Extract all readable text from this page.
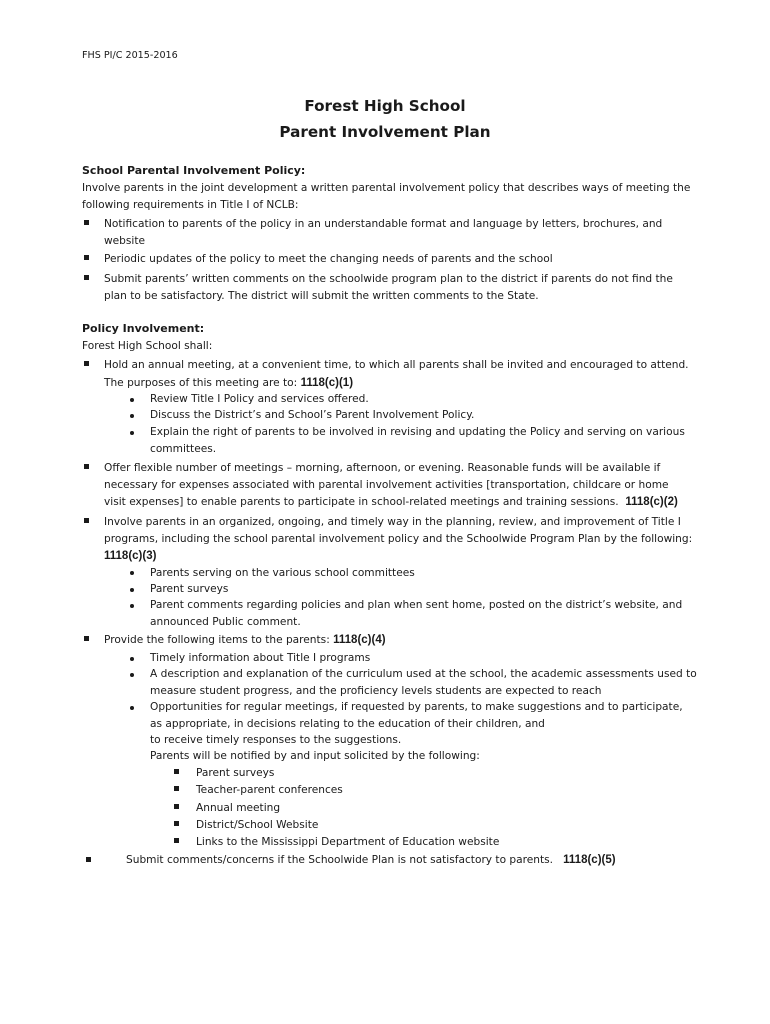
FHS PI/C 2015-2016
Forest High School
Parent Involvement Plan
School Parental Involvement Policy:
Involve parents in the joint development a written parental involvement policy that describes ways of meeting the
following requirements in Title I of NCLB:
Notification to parents of the policy in an understandable format and language by letters, brochures, and
website
Periodic updates of the policy to meet the changing needs of parents and the school
Submit parents’ written comments on the schoolwide program plan to the district if parents do not find the
plan to be satisfactory. The district will submit the written comments to the State.
Policy Involvement:
Forest High School shall:
Hold an annual meeting, at a convenient time, to which all parents shall be invited and encouraged to attend.
The purposes of this meeting are to: 1118(c)(1)
Review Title I Policy and services offered.
Discuss the District’s and School’s Parent Involvement Policy.
Explain the right of parents to be involved in revising and updating the Policy and serving on various
committees.
Offer flexible number of meetings – morning, afternoon, or evening. Reasonable funds will be available if
necessary for expenses associated with parental involvement activities [transportation, childcare or home
visit expenses] to enable parents to participate in school-related meetings and training sessions. 1118(c)(2)
Involve parents in an organized, ongoing, and timely way in the planning, review, and improvement of Title I
programs, including the school parental involvement policy and the Schoolwide Program Plan by the following:
1118(c)(3)
Parents serving on the various school committees
Parent surveys
Parent comments regarding policies and plan when sent home, posted on the district’s website, and
announced Public comment.
Provide the following items to the parents: 1118(c)(4)
Timely information about Title I programs
A description and explanation of the curriculum used at the school, the academic assessments used to
measure student progress, and the proficiency levels students are expected to reach
Opportunities for regular meetings, if requested by parents, to make suggestions and to participate,
as appropriate, in decisions relating to the education of their children, and
to receive timely responses to the suggestions.
Parents will be notified by and input solicited by the following:
Parent surveys
Teacher-parent conferences
Annual meeting
District/School Website
Links to the Mississippi Department of Education website
Submit comments/concerns if the Schoolwide Plan is not satisfactory to parents. 1118(c)(5)
